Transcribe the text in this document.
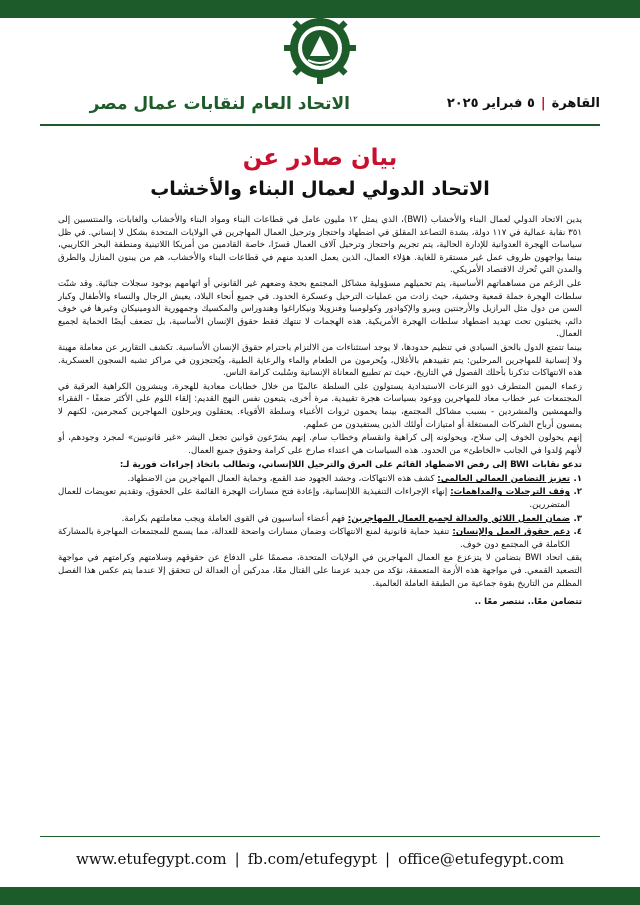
القاهرة|٥ فبراير ٢٠٢٥
الاتحاد العام لنقابات عمال مصر
بيان صادر عن
الاتحاد الدولي لعمال البناء والأخشاب

يدين الاتحاد الدولي لعمال البناء والأخشاب (BWI)، الذي يمثل ١٢ مليون عامل في قطاعات البناء ومواد البناء والأخشاب والغابات، والمنتسبين إلى ٣٥١ نقابة عمالية في ١١٧ دولة، بشدة التصاعد المقلق في اضطهاد واحتجاز وترحيل العمال المهاجرين في الولايات المتحدة بشكل لا إنساني. في ظل سياسات الهجرة العدوانية للإدارة الحالية، يتم تجريم واحتجاز وترحيل آلاف العمال قسرًا، خاصة القادمين من أمريكا اللاتينية ومنطقة البحر الكاريبي، بينما يواجهون ظروف عمل غير مستقرة للغاية. هؤلاء العمال، الذين يعمل العديد منهم في قطاعات البناء والأخشاب، هم من يبنون المنازل والطرق والمدن التي تُحرك الاقتصاد الأمريكي.

على الرغم من مساهماتهم الأساسية، يتم تحميلهم مسؤولية مشاكل المجتمع بحجة وضعهم غير القانوني أو اتهامهم بوجود سجلات جنائية. وقد شنّت سلطات الهجرة حملة قمعية وحشية، حيث زادت من عمليات الترحيل وعسكرة الحدود. في جميع أنحاء البلاد، يعيش الرجال والنساء والأطفال وكبار السن من دول مثل البرازيل والأرجنتين وبيرو والإكوادور وكولومبيا وفنزويلا ونيكاراغوا وهندوراس والمكسيك وجمهورية الدومينيكان وغيرها في خوف دائم، يختبئون تحت تهديد اضطهاد سلطات الهجرة الأمريكية. هذه الهجمات لا تنتهك فقط حقوق الإنسان الأساسية، بل تضعف أيضًا الحماية لجميع العمال.

بينما تتمتع الدول بالحق السيادي في تنظيم حدودها، لا يوجد استثناءات من الالتزام باحترام حقوق الإنسان الأساسية. تكشف التقارير عن معاملة مهينة ولا إنسانية للمهاجرين المرحلين: يتم تقييدهم بالأغلال، ويُحرمون من الطعام والماء والرعاية الطبية، ويُحتجزون في مراكز تشبه السجون العسكرية. هذه الانتهاكات تذكرنا بأحلك الفصول في التاريخ، حيث تم تطبيع المعاناة الإنسانية وسُلبت كرامة الناس.

زعماء اليمين المتطرف ذوو النزعات الاستبدادية يستولون على السلطة عالميًا من خلال خطابات معادية للهجرة، وينشرون الكراهية العرقية في المجتمعات عبر خطاب معاد للمهاجرين ووعود بسياسات هجرة تقييدية. مرة أخرى، يتبعون نفس النهج القديم: إلقاء اللوم على الأكثر ضعفًا - الفقراء والمهمشين والمشردين - بسبب مشاكل المجتمع، بينما يحمون ثروات الأغنياء وسلطة الأقوياء. يعتقلون ويرحلون المهاجرين كمجرمين، لكنهم لا يمسون أرباح الشركات المستغلة أو امتيازات أولئك الذين يستفيدون من عملهم.

إنهم يحولون الخوف إلى سلاح، ويحولونه إلى كراهية وانقسام وخطاب سام. إنهم يشرّعون قوانين تجعل البشر «غير قانونيين» لمجرد وجودهم، أو لأنهم وُلدوا في الجانب «الخاطئ» من الحدود. هذه السياسات هي اعتداء صارخ على كرامة وحقوق جميع العمال.

تدعو نقابات BWI إلى رفض الاضطهاد القائم على العرق والترحيل اللاإنساني، وتطالب باتخاذ إجراءات فورية لـ:

١.
تعزيز التضامن العمالي العالمي: كشف هذه الانتهاكات، وحشد الجهود ضد القمع، وحماية العمال المهاجرين من الاضطهاد.

٢.
وقف الترحيلات والمداهمات: إنهاء الإجراءات التنفيذية اللاإنسانية، وإعادة فتح مسارات الهجرة القائمة على الحقوق، وتقديم تعويضات للعمال المتضررين.

٣.
ضمان العمل اللائق والعدالة لجميع العمال المهاجرين: فهم أعضاء أساسيون في القوى العاملة ويجب معاملتهم بكرامة.

٤.
دعم حقوق العمل والإنسان: تنفيذ حماية قانونية لمنع الانتهاكات وضمان مسارات واضحة للعدالة، مما يسمح للمجتمعات المهاجرة بالمشاركة الكاملة في المجتمع دون خوف.

يقف اتحاد BWI بتضامن لا يتزعزع مع العمال المهاجرين في الولايات المتحدة، مصممًا على الدفاع عن حقوقهم وسلامتهم وكرامتهم في مواجهة التصعيد القمعي. في مواجهة هذه الأزمة المتعمقة، نؤكد من جديد عزمنا على القتال معًا، مدركين أن العدالة لن تتحقق إلا عندما يتم عكس هذا الفصل المظلم من التاريخ بقوة جماعية من الطبقة العاملة العالمية.

تتضامن معًا.. ننتصر معًا ..

www.etufegypt.com | fb.com/etufegypt | office@etufegypt.com
